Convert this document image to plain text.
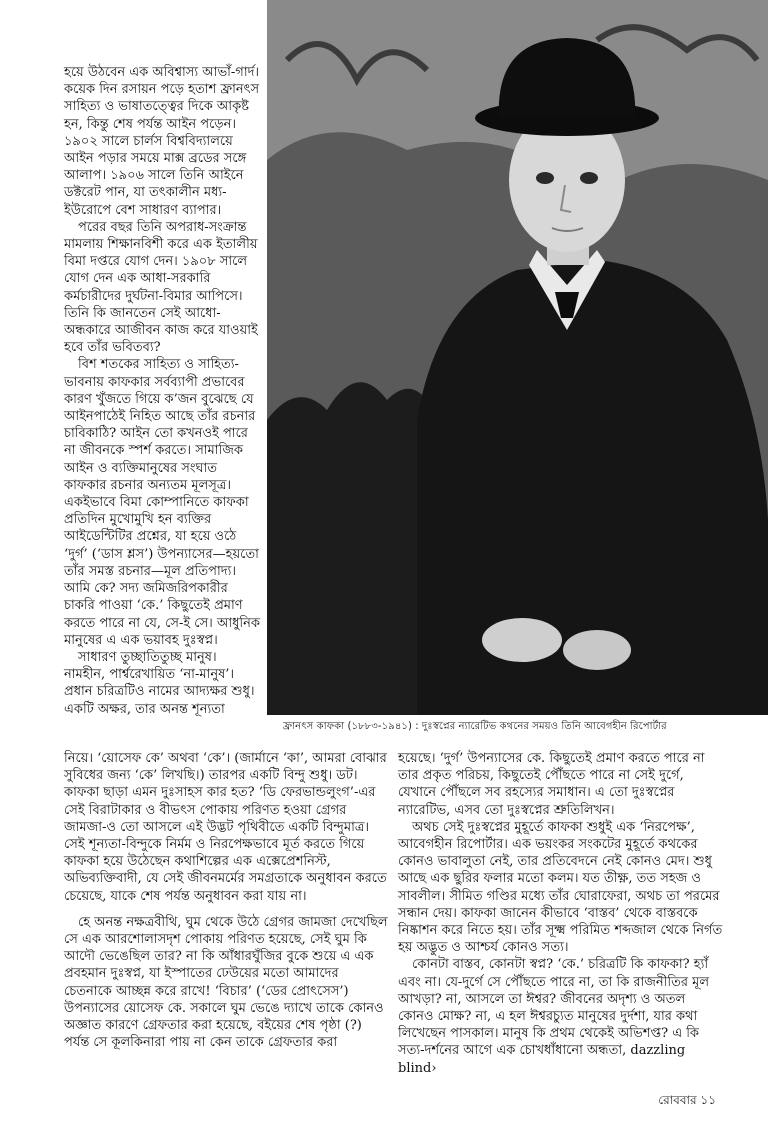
হয়ে উঠবেন এক অবিশ্বাস্য আভাঁ-গার্দ। কয়েক দিন রসায়ন পড়ে হতাশ ফ্রানৎস সাহিত্য ও ভাষাতত্ত্বের দিকে আকৃষ্ট হন, কিন্তু শেষ পর্যন্ত আইন পড়েন। ১৯০২ সালে চার্লস বিশ্ববিদ্যালয়ে আইন পড়ার সময়ে মাক্স ব্রডের সঙ্গে আলাপ। ১৯০৬ সালে তিনি আইনে ডক্টরেট পান, যা তৎকালীন মধ্য-ইউরোপে বেশ সাধারণ ব্যাপার।

পরের বছর তিনি অপরাধ-সংক্রান্ত মামলায় শিক্ষানবিশী করে এক ইতালীয় বিমা দপ্তরে যোগ দেন। ১৯০৮ সালে যোগ দেন এক আধা-সরকারি কর্মচারীদের দুর্ঘটনা-বিমার আপিসে। তিনি কি জানতেন সেই আধো-অন্ধকারে আজীবন কাজ করে যাওয়াই হবে তাঁর ভবিতব্য?

বিশ শতকের সাহিত্য ও সাহিত্য-ভাবনায় কাফকার সর্বব্যাপী প্রভাবের কারণ খুঁজতে গিয়ে ক’জন বুঝেছে যে আইনপাঠেই নিহিত আছে তাঁর রচনার চাবিকাঠি? আইন তো কখনওই পারে না জীবনকে স্পর্শ করতে। সামাজিক আইন ও ব্যক্তিমানুষের সংঘাত কাফকার রচনার অন্যতম মূলসূত্র। একইভাবে বিমা কোম্পানিতে কাফকা প্রতিদিন মুখোমুখি হন ব্যক্তির আইডেন্টিটির প্রশ্নের, যা হয়ে ওঠে ‘দুর্গ’ (‘ডাস শ্লস’) উপন্যাসের—হয়তো তাঁর সমস্ত রচনার—মূল প্রতিপাদ্য। আমি কে? সদ্য জমিজরিপকারীর চাকরি পাওয়া ‘কে.’ কিছুতেই প্রমাণ করতে পারে না যে, সে-ই সে। আধুনিক মানুষের এ এক ভয়াবহ দুঃস্বপ্ন।

সাধারণ তুচ্ছাতিতুচ্ছ মানুষ। নামহীন, পার্শ্বরেখায়িত ‘না-মানুষ’। প্রধান চরিত্রটিও নামের আদ্যক্ষর শুধু। একটি অক্ষর, তার অনন্ত শূন্যতা

ফ্রানৎস কাফকা (১৮৮৩-১৯৪১) : দুঃস্বপ্নের ন্যারেটিভ কথনের সময়ও তিনি আবেগহীন রিপোর্টার

নিয়ে। ‘য়োসেফ কে’ অথবা ‘কে’। (জার্মানে ‘কা’, আমরা বোঝার সুবিধের জন্য ‘কে’ লিখছি।) তারপর একটি বিন্দু শুধু। ডট। কাফকা ছাড়া এমন দুঃসাহস কার হত? ‘ডি ফেরভান্ডলুংগ’-এর সেই বিরাটাকার ও বীভৎস পোকায় পরিণত হওয়া গ্রেগর জামজা-ও তো আসলে এই উদ্ভট পৃথিবীতে একটি বিন্দুমাত্র। সেই শূন্যতা-বিন্দুকে নির্মম ও নিরপেক্ষভাবে মূর্ত করতে গিয়ে কাফকা হয়ে উঠেছেন কথাশিল্পের এক এক্সেপ্রেশনিস্ট, অভিব্যক্তিবাদী, যে সেই জীবনমর্মের সমগ্রতাকে অনুধাবন করতে চেয়েছে, যাকে শেষ পর্যন্ত অনুধাবন করা যায় না।

হে অনন্ত নক্ষত্রবীথি, ঘুম থেকে উঠে গ্রেগর জামজা দেখেছিল সে এক আরশোলাসদৃশ পোকায় পরিণত হয়েছে, সেই ঘুম কি আদৌ ভেঙেছিল তার? না কি আঁধারঘুঁজির বুকে শুয়ে এ এক প্রবহমান দুঃস্বপ্ন, যা ইস্পাতের ঢেউয়ের মতো আমাদের চেতনাকে আচ্ছন্ন করে রাখে! ‘বিচার’ (‘ডের প্রোৎসেস’) উপন্যাসের য়োসেফ কে. সকালে ঘুম ভেঙে দ্যাখে তাকে কোনও অজ্ঞাত কারণে গ্রেফতার করা হয়েছে, বইয়ের শেষ পৃষ্ঠা (?) পর্যন্ত সে কূলকিনারা পায় না কেন তাকে গ্রেফতার করা

হয়েছে। ‘দুর্গ’ উপন্যাসের কে. কিছুতেই প্রমাণ করতে পারে না তার প্রকৃত পরিচয়, কিছুতেই পৌঁছতে পারে না সেই দুর্গে, যেখানে পৌঁছলে সব রহস্যের সমাধান। এ তো দুঃস্বপ্নের ন্যারেটিভ, এসব তো দুঃস্বপ্নের শ্রুতিলিখন।

অথচ সেই দুঃস্বপ্নের মুহূর্তে কাফকা শুধুই এক ‘নিরপেক্ষ’, আবেগহীন রিপোর্টার। এক ভয়ংকর সংকটের মুহূর্তে কথকের কোনও ভাবালুতা নেই, তার প্রতিবেদনে নেই কোনও মেদ। শুধু আছে এক ছুরির ফলার মতো কলম। যত তীক্ষ্ণ, তত সহজ ও সাবলীল। সীমিত গণ্ডির মধ্যে তাঁর ঘোরাফেরা, অথচ তা পরমের সন্ধান দেয়। কাফকা জানেন কীভাবে ‘বাস্তব’ থেকে বাস্তবকে নিষ্কাশন করে নিতে হয়। তাঁর সূক্ষ্ম পরিমিত শব্দজাল থেকে নির্গত হয় অদ্ভুত ও আশ্চর্য কোনও সত্য।

কোনটা বাস্তব, কোনটা স্বপ্ন? ‘কে.’ চরিত্রটি কি কাফকা? হ্যাঁ এবং না। যে-দুর্গে সে পৌঁছতে পারে না, তা কি রাজনীতির মূল আখড়া? না, আসলে তা ঈশ্বর? জীবনের অদৃশ্য ও অতল কোনও মোক্ষ? না, এ হল ঈশ্বরচ্যুত মানুষের দুর্দশা, যার কথা লিখেছেন পাসকাল। মানুষ কি প্রথম থেকেই অভিশপ্ত? এ কি সত্য-দর্শনের আগে এক চোখধাঁধানো অন্ধতা, dazzling blind›

রোববার ১১
